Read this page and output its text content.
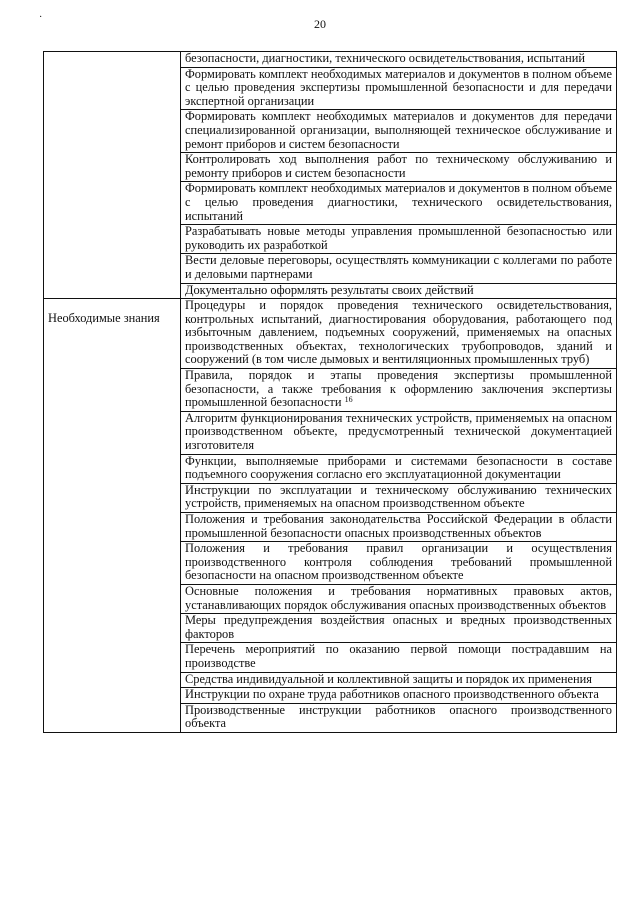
·	20
	безопасности, диагностики, технического освидетельствования, испытаний
	Формировать комплект необходимых материалов и документов в полном объеме с целью проведения экспертизы промышленной безопасности и для передачи экспертной организации
	Формировать комплект необходимых материалов и документов для передачи специализированной организации, выполняющей техническое обслуживание и ремонт приборов и систем безопасности
	Контролировать ход выполнения работ по техническому обслуживанию и ремонту приборов и систем безопасности
	Формировать комплект необходимых материалов и документов в полном объеме с целью проведения диагностики, технического освидетельствования, испытаний
	Разрабатывать новые методы управления промышленной безопасностью или руководить их разработкой
	Вести деловые переговоры, осуществлять коммуникации с коллегами по работе и деловыми партнерами
	Документально оформлять результаты своих действий
Необходимые знания	Процедуры и порядок проведения технического освидетельствования, контрольных испытаний, диагностирования оборудования, работающего под избыточным давлением, подъемных сооружений, применяемых на опасных производственных объектах, технологических трубопроводов, зданий и сооружений (в том числе дымовых и вентиляционных промышленных труб)
	Правила, порядок и этапы проведения экспертизы промышленной безопасности, а также требования к оформлению заключения экспертизы промышленной безопасности $^{16}$
	Алгоритм функционирования технических устройств, применяемых на опасном производственном объекте, предусмотренный технической документацией изготовителя
	Функции, выполняемые приборами и системами безопасности в составе подъемного сооружения согласно его эксплуатационной документации
	Инструкции по эксплуатации и техническому обслуживанию технических устройств, применяемых на опасном производственном объекте
	Положения и требования законодательства Российской Федерации в области промышленной безопасности опасных производственных объектов
	Положения и требования правил организации и осуществления производственного контроля соблюдения требований промышленной безопасности на опасном производственном объекте
	Основные положения и требования нормативных правовых актов, устанавливающих порядок обслуживания опасных производственных объектов
	Меры предупреждения воздействия опасных и вредных производственных факторов
	Перечень мероприятий по оказанию первой помощи пострадавшим на производстве
	Средства индивидуальной и коллективной защиты и порядок их применения
	Инструкции по охране труда работников опасного производственного объекта
	Производственные инструкции работников опасного производственного объекта
